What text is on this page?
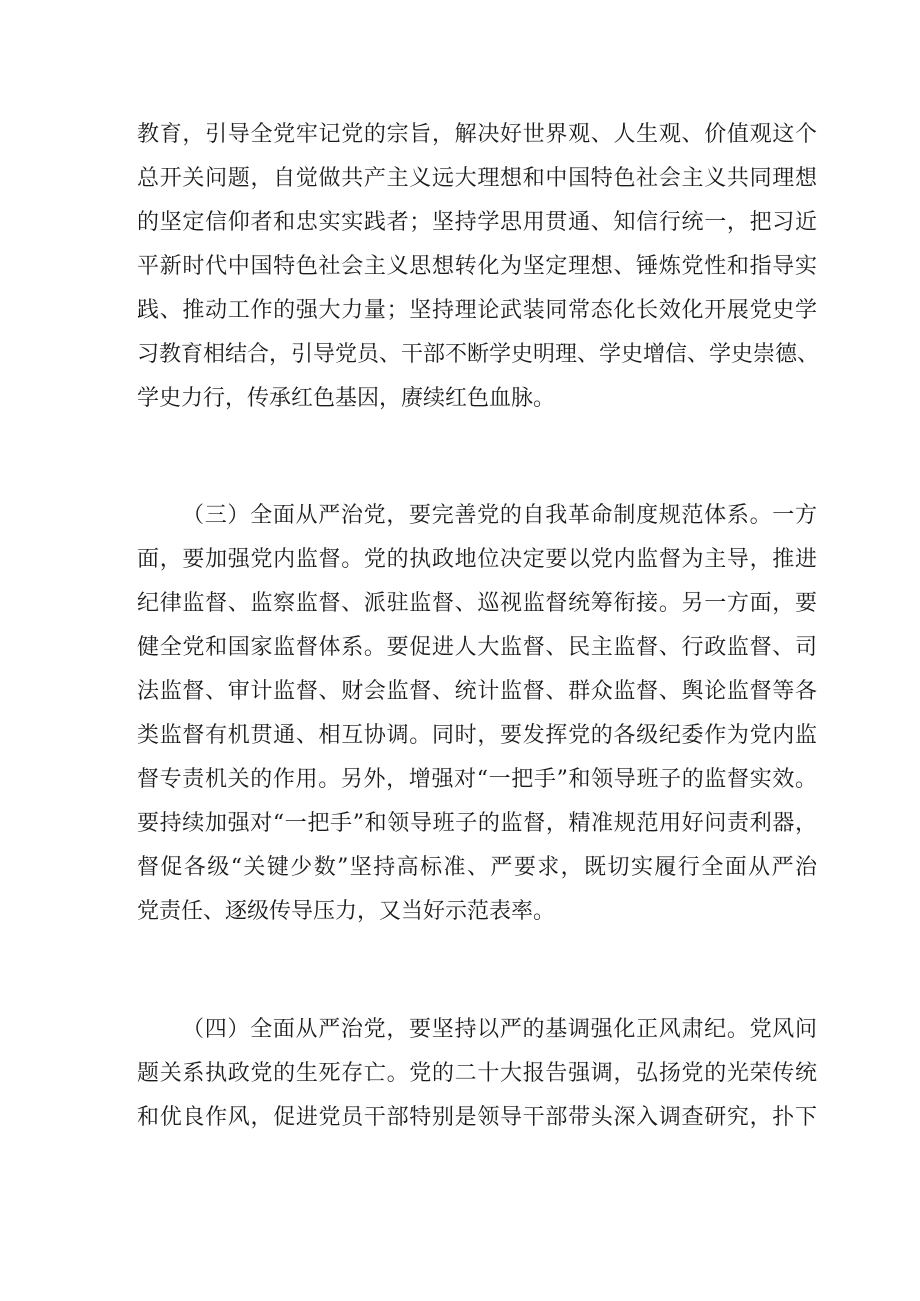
教育，引导全党牢记党的宗旨，解决好世界观、人生观、价值观这个
总开关问题，自觉做共产主义远大理想和中国特色社会主义共同理想
的坚定信仰者和忠实实践者；坚持学思用贯通、知信行统一，把习近
平新时代中国特色社会主义思想转化为坚定理想、锤炼党性和指导实
践、推动工作的强大力量；坚持理论武装同常态化长效化开展党史学
习教育相结合，引导党员、干部不断学史明理、学史增信、学史崇德、
学史力行，传承红色基因，赓续红色血脉。
（三）全面从严治党，要完善党的自我革命制度规范体系。一方
面，要加强党内监督。党的执政地位决定要以党内监督为主导，推进
纪律监督、监察监督、派驻监督、巡视监督统筹衔接。另一方面，要
健全党和国家监督体系。要促进人大监督、民主监督、行政监督、司
法监督、审计监督、财会监督、统计监督、群众监督、舆论监督等各
类监督有机贯通、相互协调。同时，要发挥党的各级纪委作为党内监
督专责机关的作用。另外，增强对“一把手”和领导班子的监督实效。
要持续加强对“一把手”和领导班子的监督，精准规范用好问责利器，
督促各级“关键少数”坚持高标准、严要求，既切实履行全面从严治
党责任、逐级传导压力，又当好示范表率。
（四）全面从严治党，要坚持以严的基调强化正风肃纪。党风问
题关系执政党的生死存亡。党的二十大报告强调，弘扬党的光荣传统
和优良作风，促进党员干部特别是领导干部带头深入调查研究，扑下
